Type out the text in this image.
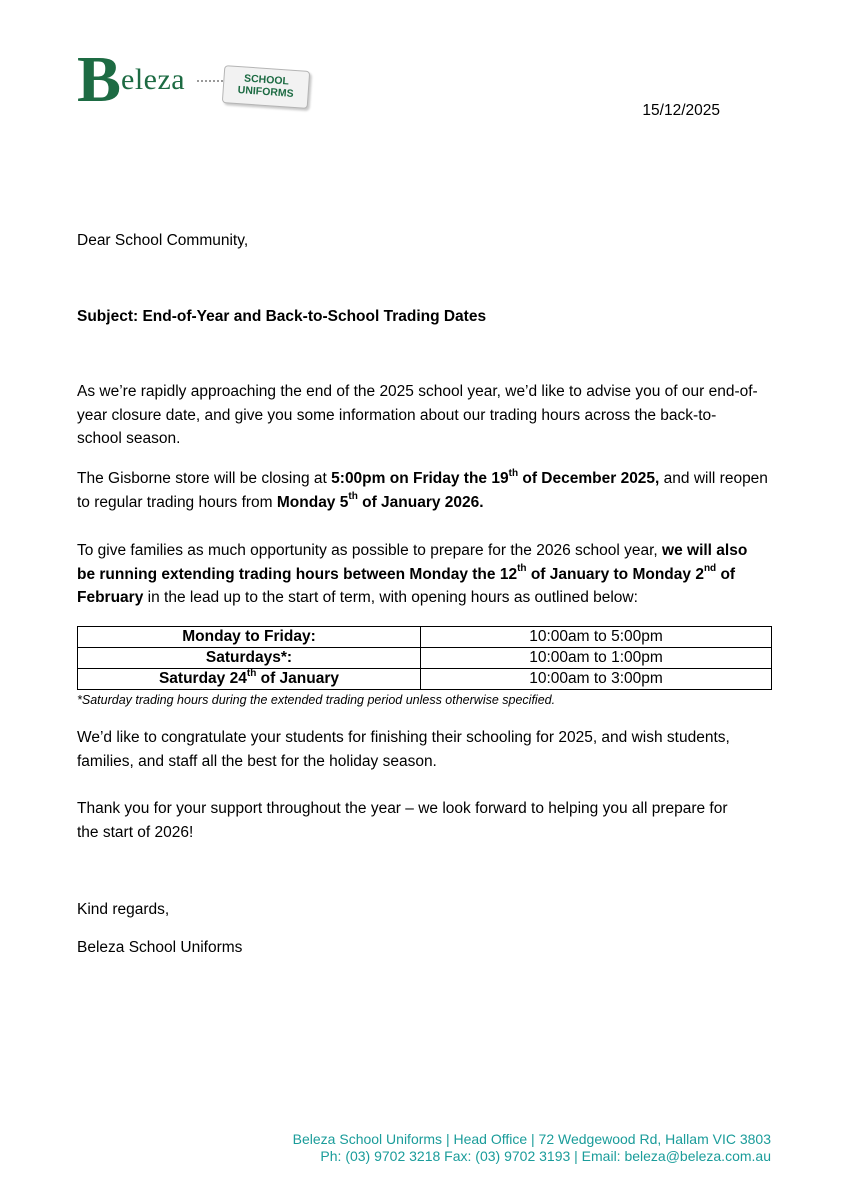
B eleza	SCHOOL
UNIFORMS
15/12/2025
Dear School Community,
Subject: End-of-Year and Back-to-School Trading Dates
As we’re rapidly approaching the end of the 2025 school year, we’d like to advise you of our end-of-
year closure date, and give you some information about our trading hours across the back-to-
school season.
The Gisborne store will be closing at 5:00pm on Friday the 19th of December 2025, and will reopen
to regular trading hours from Monday 5th of January 2026.
To give families as much opportunity as possible to prepare for the 2026 school year, we will also
be running extending trading hours between Monday the 12th of January to Monday 2nd of
February in the lead up to the start of term, with opening hours as outlined below:
Monday to Friday:	10:00am to 5:00pm
Saturdays*:	10:00am to 1:00pm
Saturday 24th of January	10:00am to 3:00pm
*Saturday trading hours during the extended trading period unless otherwise specified.
We’d like to congratulate your students for finishing their schooling for 2025, and wish students,
families, and staff all the best for the holiday season.
Thank you for your support throughout the year – we look forward to helping you all prepare for
the start of 2026!
Kind regards,
Beleza School Uniforms
Beleza School Uniforms | Head Office | 72 Wedgewood Rd, Hallam VIC 3803
Ph: (03) 9702 3218 Fax: (03) 9702 3193 | Email: beleza@beleza.com.au
